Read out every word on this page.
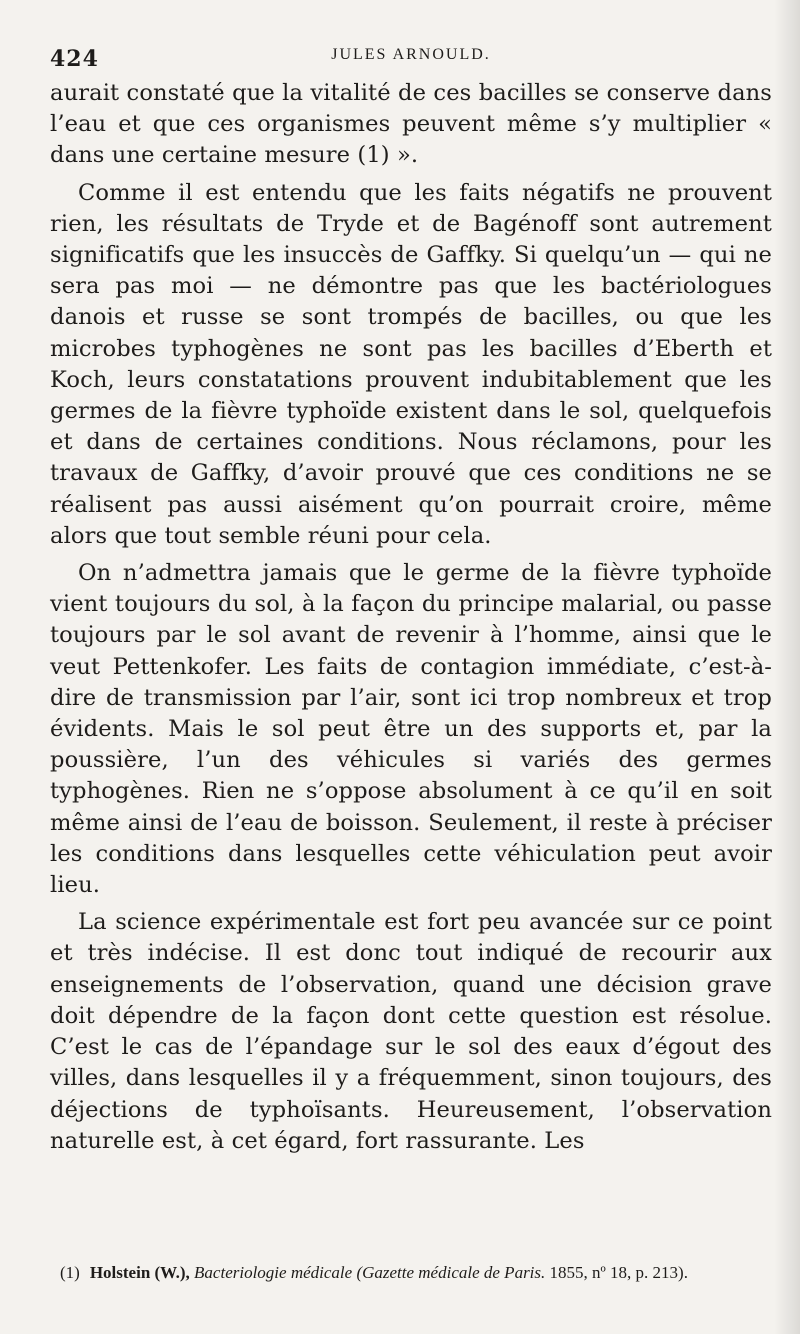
424	JULES ARNOULD.

aurait constaté que la vitalité de ces bacilles se conserve dans l’eau et que ces organismes peuvent même s’y multiplier « dans une certaine mesure (1) ».

Comme il est entendu que les faits négatifs ne prouvent rien, les résultats de Tryde et de Bagénoff sont autrement significatifs que les insuccès de Gaffky. Si quelqu’un — qui ne sera pas moi — ne démontre pas que les bactériologues danois et russe se sont trompés de bacilles, ou que les microbes typhogènes ne sont pas les bacilles d’Eberth et Koch, leurs constatations prouvent indubitablement que les germes de la fièvre typhoïde existent dans le sol, quelquefois et dans de certaines conditions. Nous réclamons, pour les travaux de Gaffky, d’avoir prouvé que ces conditions ne se réalisent pas aussi aisément qu’on pourrait croire, même alors que tout semble réuni pour cela.

On n’admettra jamais que le germe de la fièvre typhoïde vient toujours du sol, à la façon du principe malarial, ou passe toujours par le sol avant de revenir à l’homme, ainsi que le veut Pettenkofer. Les faits de contagion immédiate, c’est-à-dire de transmission par l’air, sont ici trop nombreux et trop évidents. Mais le sol peut être un des supports et, par la poussière, l’un des véhicules si variés des germes typhogènes. Rien ne s’oppose absolument à ce qu’il en soit même ainsi de l’eau de boisson. Seulement, il reste à préciser les conditions dans lesquelles cette véhiculation peut avoir lieu.

La science expérimentale est fort peu avancée sur ce point et très indécise. Il est donc tout indiqué de recourir aux enseignements de l’observation, quand une décision grave doit dépendre de la façon dont cette question est résolue. C’est le cas de l’épandage sur le sol des eaux d’égout des villes, dans lesquelles il y a fréquemment, sinon toujours, des déjections de typhoïsants. Heureusement, l’observation naturelle est, à cet égard, fort rassurante. Les

(1) Holstein (W.), Bacteriologie médicale (Gazette médicale de Paris. 1855, nº 18, p. 213).
